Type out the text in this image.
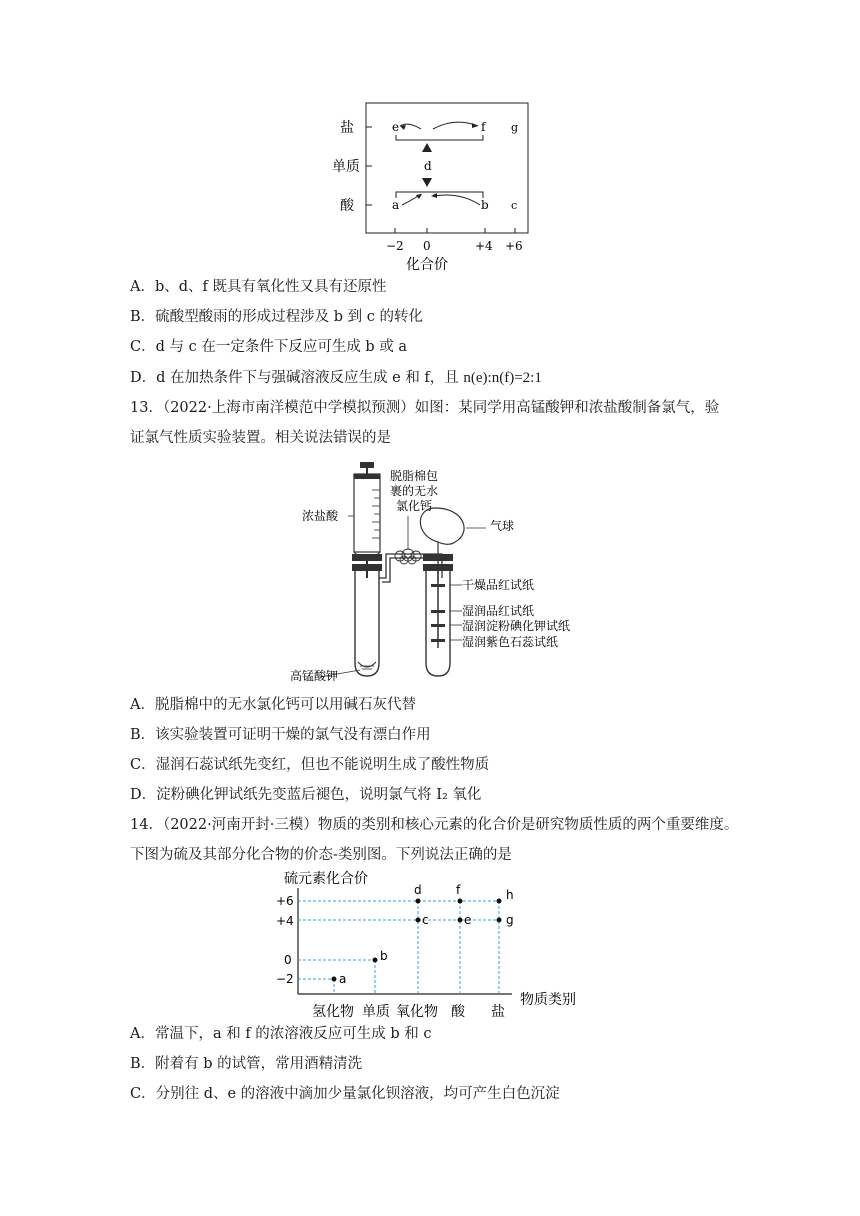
盐
单质
酸
e	f g
d
a	b c
−2 0	+4 +6
化合价
A．b、d、f 既具有氧化性又具有还原性
B．硫酸型酸雨的形成过程涉及 b 到 c 的转化
C．d 与 c 在一定条件下反应可生成 b 或 a
D．d 在加热条件下与强碱溶液反应生成 e 和 f，且 n(e):n(f)=2:1
13．（2022·上海市南洋模范中学模拟预测）如图：某同学用高锰酸钾和浓盐酸制备氯气，验
证氯气性质实验装置。相关说法错误的是
脱脂棉包
裹的无水
氯化钙
浓盐酸
气球
干燥品红试纸
湿润品红试纸
湿润淀粉碘化钾试纸
湿润紫色石蕊试纸
高锰酸钾
A．脱脂棉中的无水氯化钙可以用碱石灰代替
B．该实验装置可证明干燥的氯气没有漂白作用
C．湿润石蕊试纸先变红，但也不能说明生成了酸性物质
D．淀粉碘化钾试纸先变蓝后褪色，说明氯气将 I₂ 氧化
14．（2022·河南开封·三模）物质的类别和核心元素的化合价是研究物质性质的两个重要维度。
下图为硫及其部分化合物的价态-类别图。下列说法正确的是
硫元素化合价
+6
+4
0
−2	a
b
c
d
e
f
g
h
氢化物 单质 氧化物 酸 盐
物质类别
A．常温下，a 和 f 的浓溶液反应可生成 b 和 c
B．附着有 b 的试管，常用酒精清洗
C．分别往 d、e 的溶液中滴加少量氯化钡溶液，均可产生白色沉淀
